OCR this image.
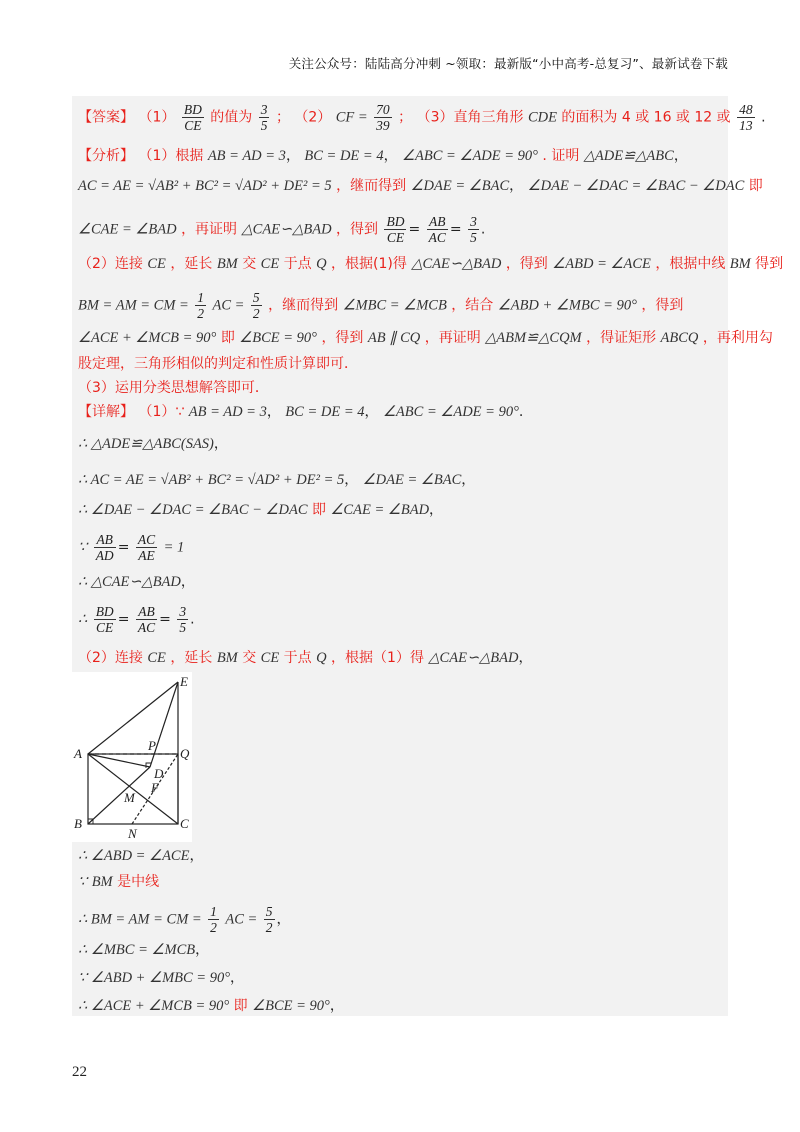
关注公众号：陆陆高分冲刺 ~领取：最新版“小中高考-总复习”、最新试卷下载
【答案】 $(1) \frac{BD}{CE}$ 的值为 $\frac{3}{5}$ ； （2） CF = $\frac{70}{39}$ ； （3）直角三角形 CDE 的面积为 4 或 16 或 12 或 $\frac{48}{13}$ .
【分析】 （1）根据 AB = AD = 3， BC = DE = 4， ∠ABC = ∠ADE = 90° . 证明 △ADE≌△ABC，
AC = AE = √AB² + BC² = √AD² + DE² = 5 ，继而得到 ∠DAE = ∠BAC， ∠DAE − ∠DAC = ∠BAC − ∠DAC 即
∠CAE = ∠BAD ，再证明 △CAE∽△BAD ，得到 $\frac{BD}{CE} = \frac{AB}{AC} = \frac{3}{5}$ .
（2）连接 CE ，延长 BM 交 CE 于点 Q ，根据(1)得 △CAE∽△BAD ，得到 ∠ABD = ∠ACE ，根据中线 BM 得到
BM = AM = CM = $\frac{1}{2}$ AC = $\frac{5}{2}$ ，继而得到 ∠MBC = ∠MCB ，结合 ∠ABD + ∠MBC = 90° ，得到
∠ACE + ∠MCB = 90° 即 ∠BCE = 90° ，得到 AB ∥ CQ ，再证明 △ABM≌△CQM ，得证矩形 ABCQ ，再利用勾
股定理，三角形相似的判定和性质计算即可．
（3）运用分类思想解答即可．
【详解】 （1）∵ AB = AD = 3， BC = DE = 4， ∠ABC = ∠ADE = 90°.
∴ △ADE≌△ABC(SAS)，
∴ AC = AE = √AB² + BC² = √AD² + DE² = 5， ∠DAE = ∠BAC，
∴ ∠DAE − ∠DAC = ∠BAC − ∠DAC 即 ∠CAE = ∠BAD，
∵ $\frac{AB}{AD} = \frac{AC}{AE} = 1$
∴ △CAE∽△BAD，
∴ $\frac{BD}{CE} = \frac{AB}{AC} = \frac{3}{5}$ .
（2）连接 CE ，延长 BM 交 CE 于点 Q ，根据（1）得 △CAE∽△BAD，
E
A
P
Q
D
M
F
B
N
C
∴ ∠ABD = ∠ACE，
∵ BM 是中线
∴ BM = AM = CM = $\frac{1}{2}$ AC = $\frac{5}{2}$ ，
∴ ∠MBC = ∠MCB，
∵ ∠ABD + ∠MBC = 90°，
∴ ∠ACE + ∠MCB = 90° 即 ∠BCE = 90°，
22
